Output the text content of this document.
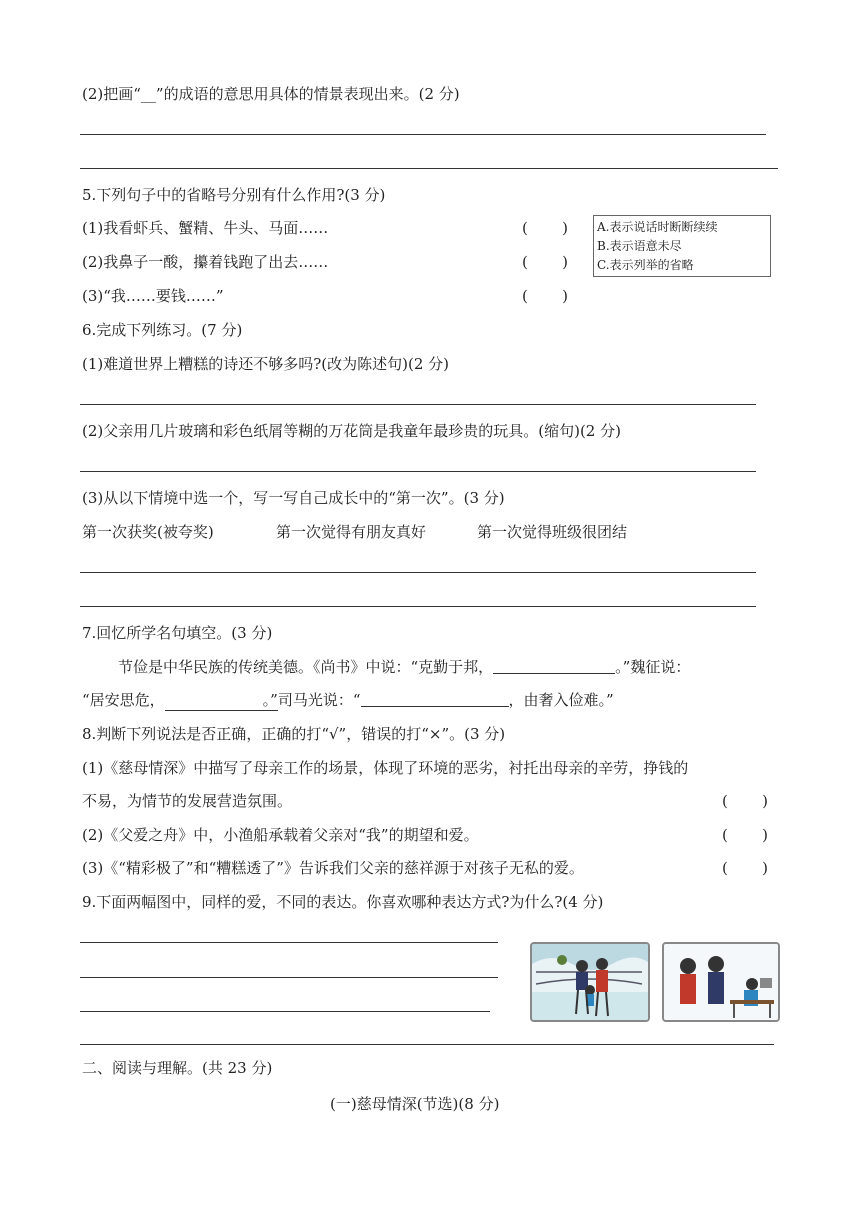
(2)把画“__”的成语的意思用具体的情景表现出来。(2 分)
5.下列句子中的省略号分别有什么作用?(3 分)
(1)我看虾兵、蟹精、牛头、马面……	( )
(2)我鼻子一酸，攥着钱跑了出去……	( )
(3)“我……要钱……”	( )
A.表示说话时断断续续
B.表示语意未尽
C.表示列举的省略
6.完成下列练习。(7 分)
(1)难道世界上糟糕的诗还不够多吗?(改为陈述句)(2 分)
(2)父亲用几片玻璃和彩色纸屑等糊的万花筒是我童年最珍贵的玩具。(缩句)(2 分)
(3)从以下情境中选一个，写一写自己成长中的“第一次”。(3 分)
第一次获奖(被夸奖)	第一次觉得有朋友真好	第一次觉得班级很团结
7.回忆所学名句填空。(3 分)
节俭是中华民族的传统美德。《尚书》中说：“克勤于邦，	。”魏征说：
“居安思危，	。”司马光说：“	，由奢入俭难。”
8.判断下列说法是否正确，正确的打“√”，错误的打“×”。(3 分)
(1)《慈母情深》中描写了母亲工作的场景，体现了环境的恶劣，衬托出母亲的辛劳，挣钱的
不易，为情节的发展营造氛围。	( )
(2)《父爱之舟》中，小渔船承载着父亲对“我”的期望和爱。	( )
(3)《“精彩极了”和“糟糕透了”》告诉我们父亲的慈祥源于对孩子无私的爱。	( )
9.下面两幅图中，同样的爱，不同的表达。你喜欢哪种表达方式?为什么?(4 分)
二、阅读与理解。(共 23 分)
(一)慈母情深(节选)(8 分)
